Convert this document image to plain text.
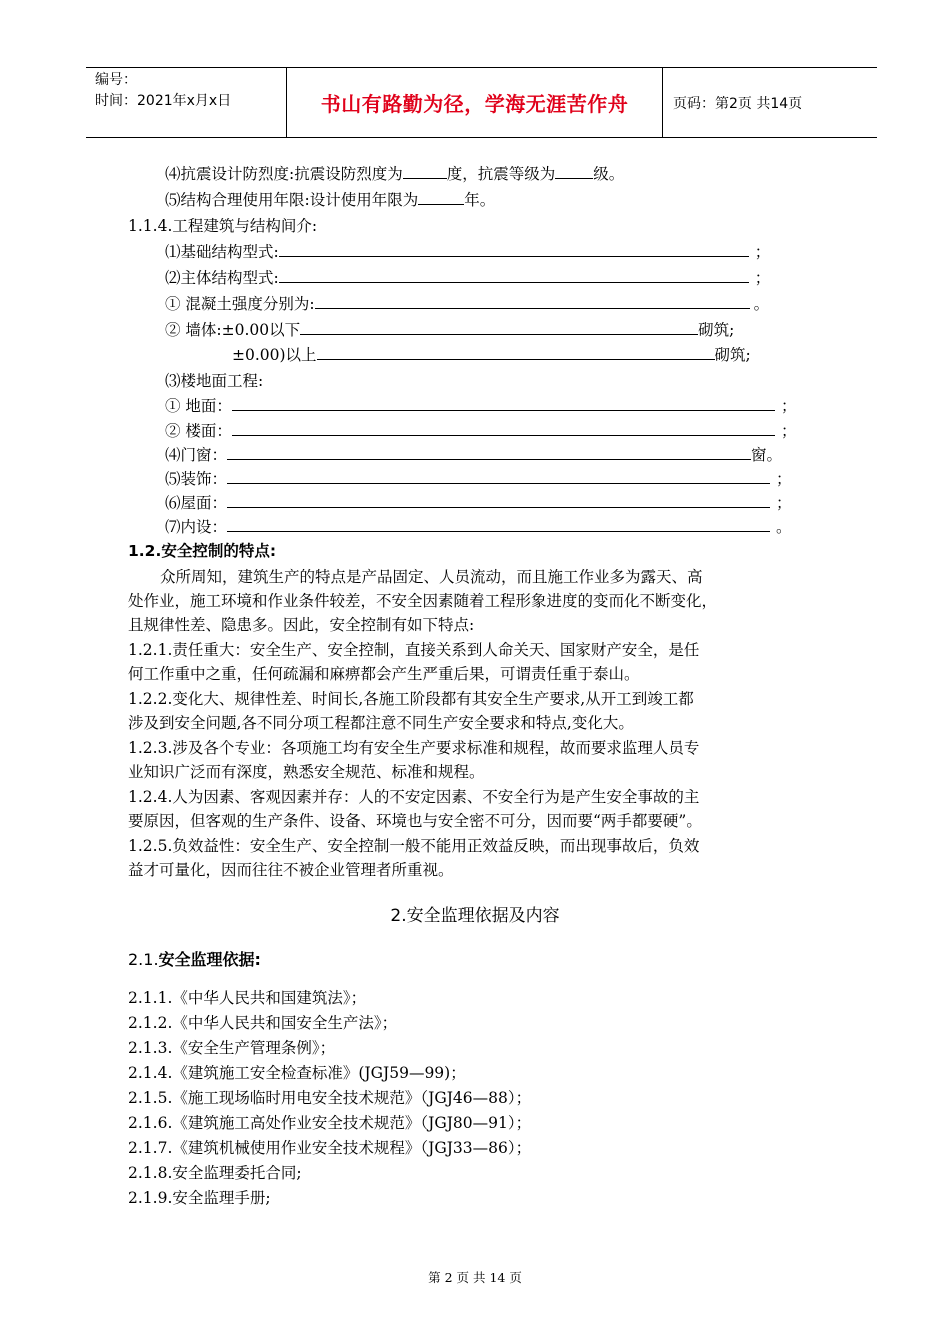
编号：
时间：2021年x月x日	书山有路勤为径，学海无涯苦作舟	页码：第2页 共14页
⑷抗震设计防烈度:抗震设防烈度为	度，抗震等级为 级。
⑸结构合理使用年限:设计使用年限为	年。
1.1.4.工程建筑与结构间介:
⑴基础结构型式:	；
⑵主体结构型式:	；
① 混凝土强度分别为:	。
② 墙体:±0.00以下	砌筑;
±0.00)以上	砌筑;
⑶楼地面工程:
① 地面：	；
② 楼面：	；
⑷门窗：	窗。
⑸装饰：	；
⑹屋面：	；
⑺内设：	。
1.2.安全控制的特点:
众所周知，建筑生产的特点是产品固定、人员流动，而且施工作业多为露天、高
处作业，施工环境和作业条件较差，不安全因素随着工程形象进度的变而化不断变化，
且规律性差、隐患多。因此，安全控制有如下特点:
1.2.1.责任重大：安全生产、安全控制，直接关系到人命关天、国家财产安全，是任
何工作重中之重，任何疏漏和麻痹都会产生严重后果，可谓责任重于泰山。
1.2.2.变化大、规律性差、时间长,各施工阶段都有其安全生产要求,从开工到竣工都
涉及到安全问题,各不同分项工程都注意不同生产安全要求和特点,变化大。
1.2.3.涉及各个专业：各项施工均有安全生产要求标准和规程，故而要求监理人员专
业知识广泛而有深度，熟悉安全规范、标准和规程。
1.2.4.人为因素、客观因素并存：人的不安定因素、不安全行为是产生安全事故的主
要原因，但客观的生产条件、设备、环境也与安全密不可分，因而要“两手都要硬”。
1.2.5.负效益性：安全生产、安全控制一般不能用正效益反映，而出现事故后，负效
益才可量化，因而往往不被企业管理者所重视。
2.安全监理依据及内容
2.1.安全监理依据:
2.1.1.《中华人民共和国建筑法》；
2.1.2.《中华人民共和国安全生产法》；
2.1.3.《安全生产管理条例》；
2.1.4.《建筑施工安全检查标准》(JGJ59—99)；
2.1.5.《施工现场临时用电安全技术规范》（JGJ46—88）；
2.1.6.《建筑施工高处作业安全技术规范》（JGJ80—91）；
2.1.7.《建筑机械使用作业安全技术规程》（JGJ33—86）；
2.1.8.安全监理委托合同;
2.1.9.安全监理手册;
第 2 页 共 14 页
